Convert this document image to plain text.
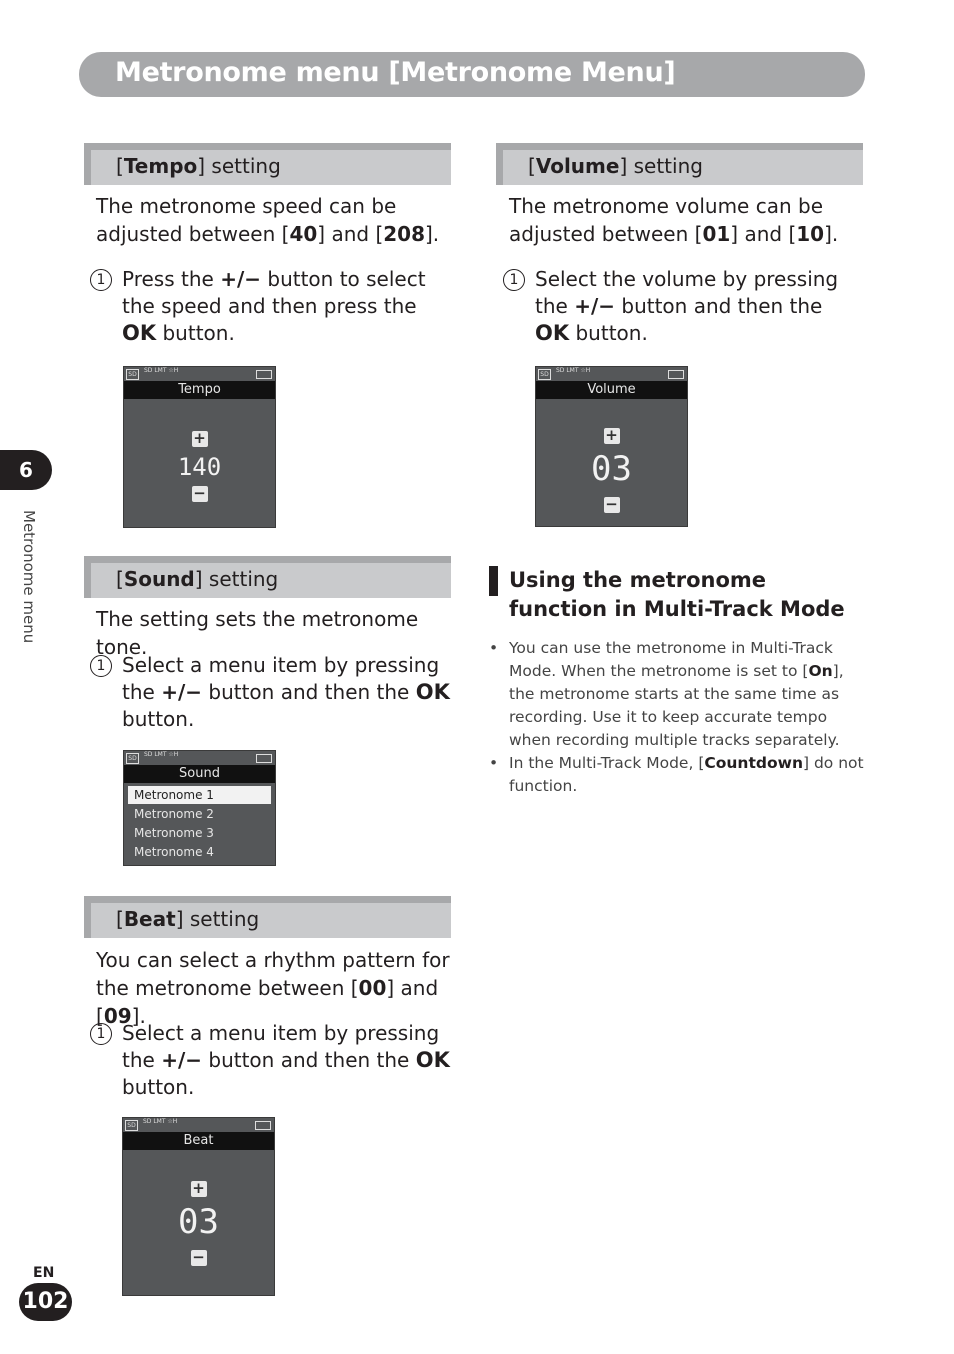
Metronome menu [Metronome Menu]
6
Metronome menu
[Tempo] setting
The metronome speed can be adjusted between [40] and [208].
1 Press the +/− button to select the speed and then press the OK button.
SD
SD LMT ☆H
Tempo
+
140
−
[Sound] setting
The setting sets the metronome tone.
1 Select a menu item by pressing the +/− button and then the OK button.
SD
SD LMT ☆H
Sound
Metronome 1
Metronome 2
Metronome 3
Metronome 4
[Beat] setting
You can select a rhythm pattern for the metronome between [00] and [09].
1 Select a menu item by pressing the +/− button and then the OK button.
SD
SD LMT ☆H
Beat
+
03
−
[Volume] setting
The metronome volume can be adjusted between [01] and [10].
1 Select the volume by pressing the +/− button and then the OK button.
SD
SD LMT ☆H
Volume
+
03
−
Using the metronome function in Multi-Track Mode
• You can use the metronome in Multi-Track Mode. When the metronome is set to [On], the metronome starts at the same time as recording. Use it to keep accurate tempo when recording multiple tracks separately.
• In the Multi-Track Mode, [Countdown] do not function.
EN
102
